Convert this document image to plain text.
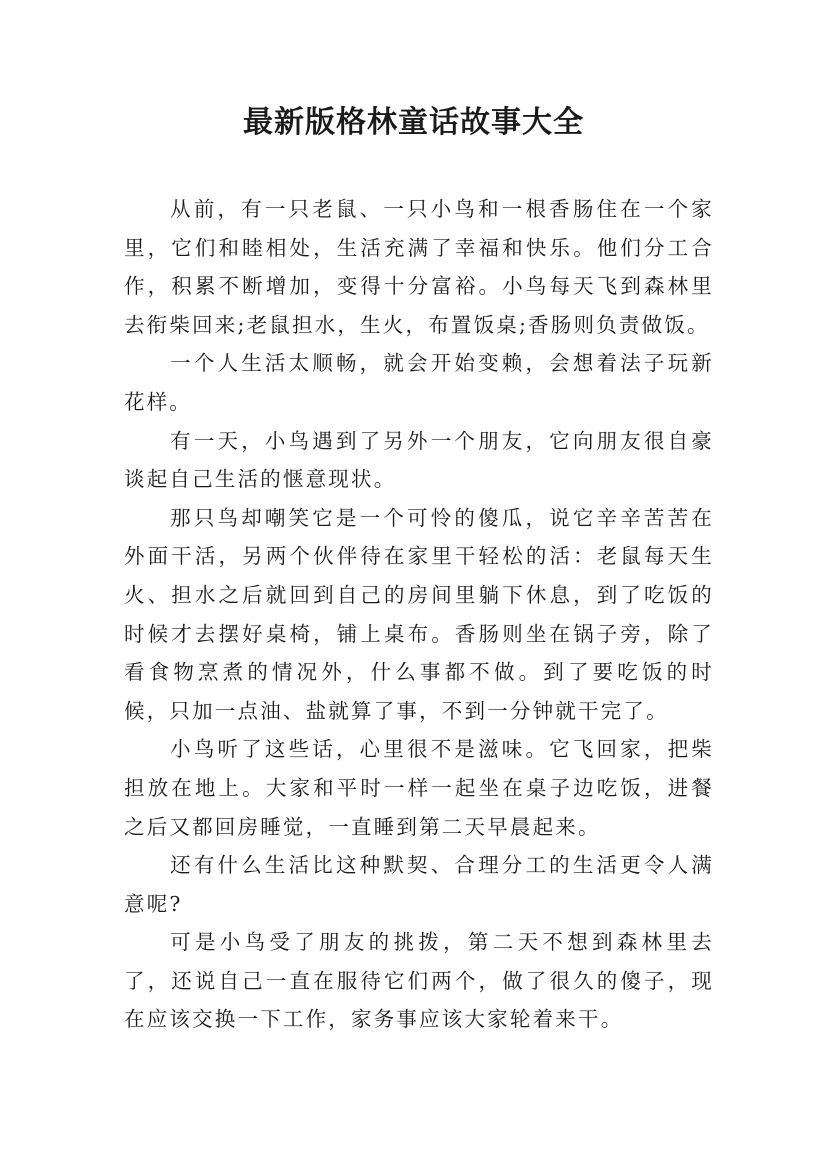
最新版格林童话故事大全

从前，有一只老鼠、一只小鸟和一根香肠住在一个家里，它们和睦相处，生活充满了幸福和快乐。他们分工合作，积累不断增加，变得十分富裕。小鸟每天飞到森林里去衔柴回来;老鼠担水，生火，布置饭桌;香肠则负责做饭。

一个人生活太顺畅，就会开始变赖，会想着法子玩新花样。

有一天，小鸟遇到了另外一个朋友，它向朋友很自豪谈起自己生活的惬意现状。

那只鸟却嘲笑它是一个可怜的傻瓜，说它辛辛苦苦在外面干活，另两个伙伴待在家里干轻松的活：老鼠每天生火、担水之后就回到自己的房间里躺下休息，到了吃饭的时候才去摆好桌椅，铺上桌布。香肠则坐在锅子旁，除了看食物烹煮的情况外，什么事都不做。到了要吃饭的时候，只加一点油、盐就算了事，不到一分钟就干完了。

小鸟听了这些话，心里很不是滋味。它飞回家，把柴担放在地上。大家和平时一样一起坐在桌子边吃饭，进餐之后又都回房睡觉，一直睡到第二天早晨起来。

还有什么生活比这种默契、合理分工的生活更令人满意呢?

可是小鸟受了朋友的挑拨，第二天不想到森林里去了，还说自己一直在服待它们两个，做了很久的傻子，现在应该交换一下工作，家务事应该大家轮着来干。
